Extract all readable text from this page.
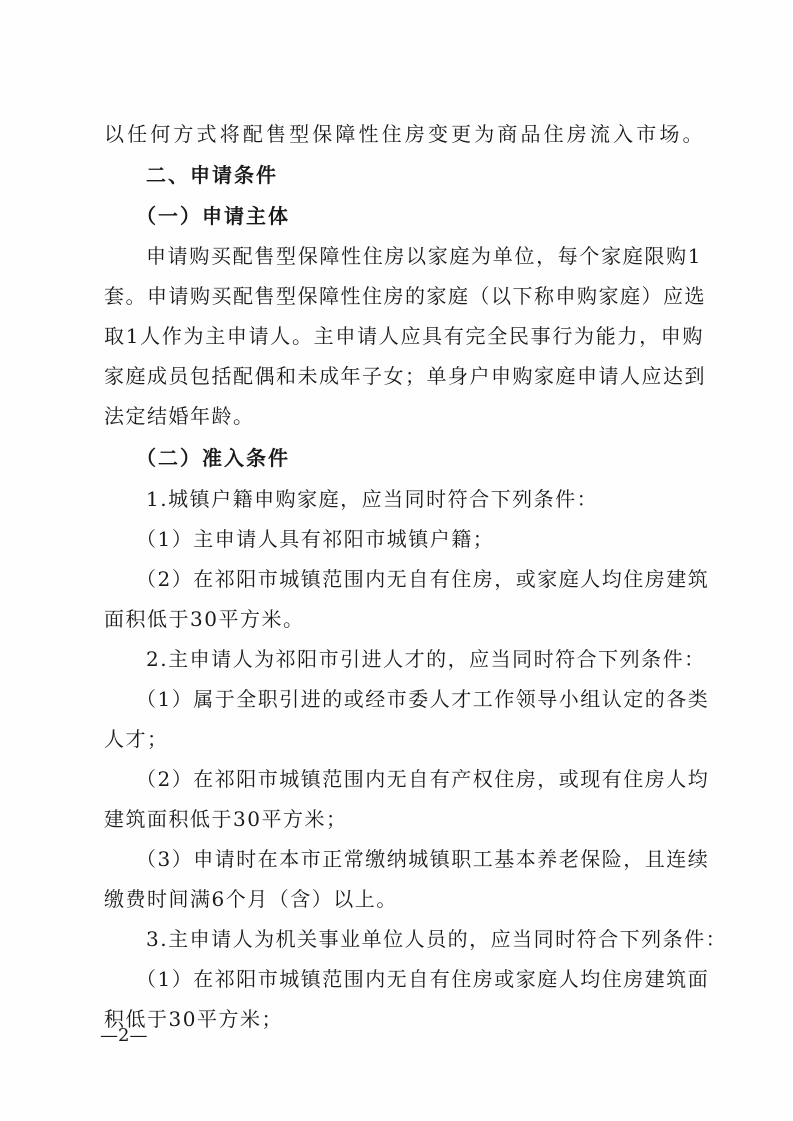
以任何方式将配售型保障性住房变更为商品住房流入市场。
二、申请条件
（一）申请主体
申请购买配售型保障性住房以家庭为单位，每个家庭限购1
套。申请购买配售型保障性住房的家庭（以下称申购家庭）应选
取1人作为主申请人。主申请人应具有完全民事行为能力，申购
家庭成员包括配偶和未成年子女；单身户申购家庭申请人应达到
法定结婚年龄。
（二）准入条件
1.城镇户籍申购家庭，应当同时符合下列条件：
（1）主申请人具有祁阳市城镇户籍；
（2）在祁阳市城镇范围内无自有住房，或家庭人均住房建筑
面积低于30平方米。
2.主申请人为祁阳市引进人才的，应当同时符合下列条件：
（1）属于全职引进的或经市委人才工作领导小组认定的各类
人才；
（2）在祁阳市城镇范围内无自有产权住房，或现有住房人均
建筑面积低于30平方米；
（3）申请时在本市正常缴纳城镇职工基本养老保险，且连续
缴费时间满6个月（含）以上。
3.主申请人为机关事业单位人员的，应当同时符合下列条件：
（1）在祁阳市城镇范围内无自有住房或家庭人均住房建筑面
积低于30平方米；
—2—
